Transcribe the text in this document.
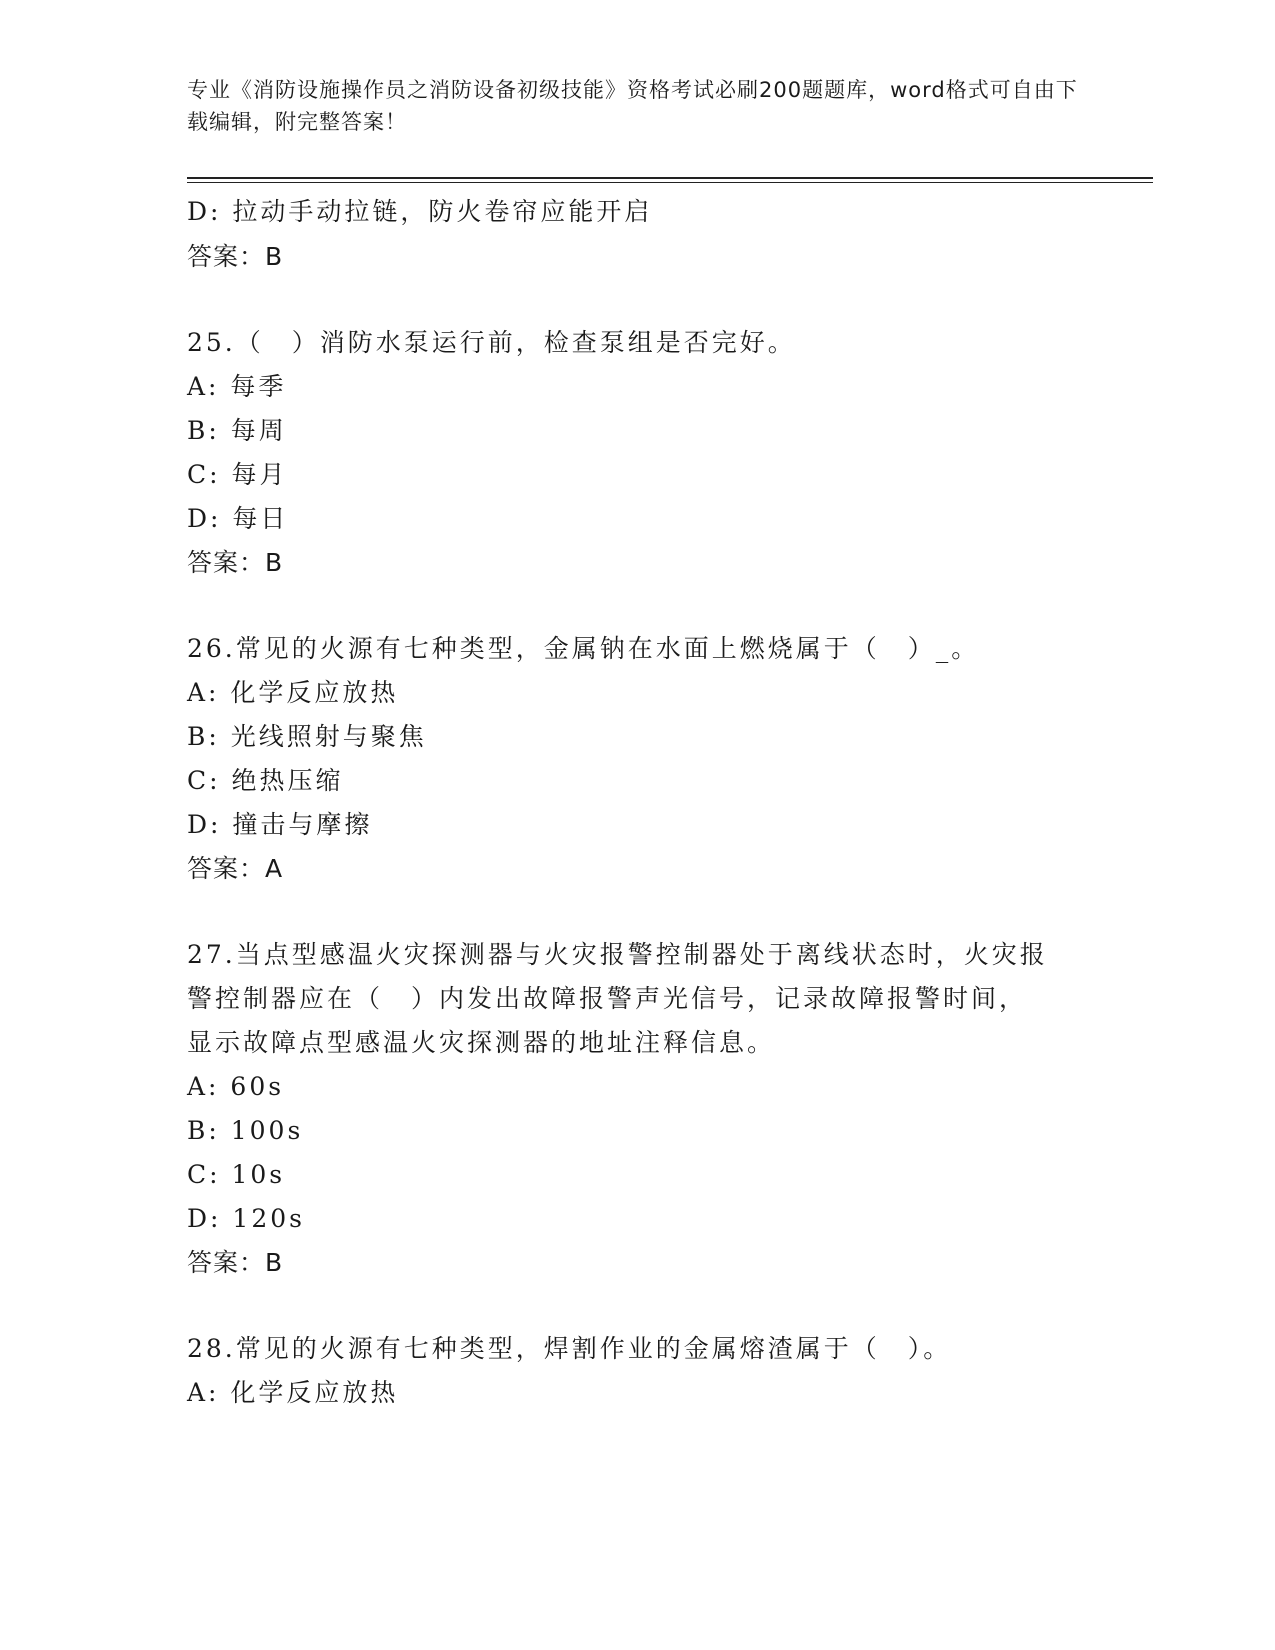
专业《消防设施操作员之消防设备初级技能》资格考试必刷200题题库，word格式可自由下载编辑，附完整答案！
D: 拉动手动拉链，防火卷帘应能开启
答案：B
25.（　）消防水泵运行前，检查泵组是否完好。
A: 每季
B: 每周
C: 每月
D: 每日
答案：B
26.常见的火源有七种类型，金属钠在水面上燃烧属于（　）_。
A: 化学反应放热
B: 光线照射与聚焦
C: 绝热压缩
D: 撞击与摩擦
答案：A
27.当点型感温火灾探测器与火灾报警控制器处于离线状态时，火灾报
警控制器应在（　）内发出故障报警声光信号，记录故障报警时间，
显示故障点型感温火灾探测器的地址注释信息。
A: 60s
B: 100s
C: 10s
D: 120s
答案：B
28.常见的火源有七种类型，焊割作业的金属熔渣属于（　）。
A: 化学反应放热
